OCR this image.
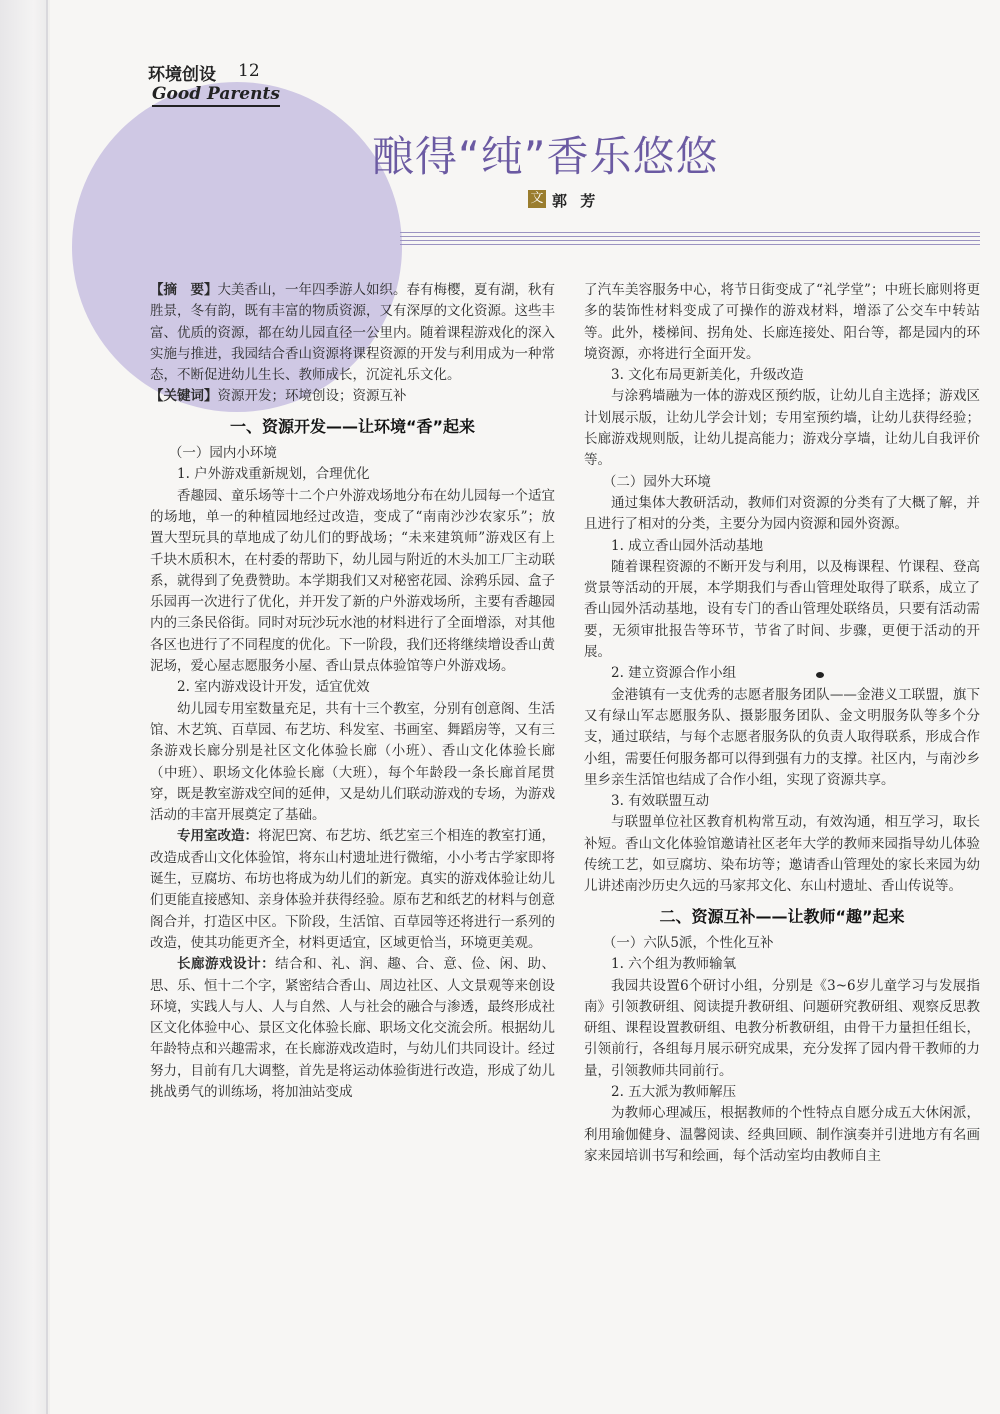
环境创设 12
Good Parents
酿得“纯”香乐悠悠
文 郭 芳

【摘　要】大美香山，一年四季游人如织。春有梅樱，夏有湖，秋有胜景，冬有韵，既有丰富的物质资源，又有深厚的文化资源。这些丰富、优质的资源，都在幼儿园直径一公里内。随着课程游戏化的深入实施与推进，我园结合香山资源将课程资源的开发与利用成为一种常态，不断促进幼儿生长、教师成长，沉淀礼乐文化。

【关键词】资源开发；环境创设；资源互补

一、资源开发——让环境“香”起来

（一）园内小环境

1. 户外游戏重新规划，合理优化

香趣园、童乐场等十二个户外游戏场地分布在幼儿园每一个适宜的场地，单一的种植园地经过改造，变成了“南南沙沙农家乐”；放置大型玩具的草地成了幼儿们的野战场；“未来建筑师”游戏区有上千块木质积木，在村委的帮助下，幼儿园与附近的木头加工厂主动联系，就得到了免费赞助。本学期我们又对秘密花园、涂鸦乐园、盒子乐园再一次进行了优化，并开发了新的户外游戏场所，主要有香趣园内的三条民俗街。同时对玩沙玩水池的材料进行了全面增添，对其他各区也进行了不同程度的优化。下一阶段，我们还将继续增设香山黄泥场，爱心屋志愿服务小屋、香山景点体验馆等户外游戏场。

2. 室内游戏设计开发，适宜优效

幼儿园专用室数量充足，共有十三个教室，分别有创意阁、生活馆、木艺筑、百草园、布艺坊、科发室、书画室、舞蹈房等，又有三条游戏长廊分别是社区文化体验长廊（小班）、香山文化体验长廊（中班）、职场文化体验长廊（大班），每个年龄段一条长廊首尾贯穿，既是教室游戏空间的延伸，又是幼儿们联动游戏的专场，为游戏活动的丰富开展奠定了基础。

专用室改造：将泥巴窝、布艺坊、纸艺室三个相连的教室打通，改造成香山文化体验馆，将东山村遗址进行微缩，小小考古学家即将诞生，豆腐坊、布坊也将成为幼儿们的新宠。真实的游戏体验让幼儿们更能直接感知、亲身体验并获得经验。原布艺和纸艺的材料与创意阁合并，打造区中区。下阶段，生活馆、百草园等还将进行一系列的改造，使其功能更齐全，材料更适宜，区域更恰当，环境更美观。

长廊游戏设计：结合和、礼、润、趣、合、意、俭、闲、助、思、乐、恒十二个字，紧密结合香山、周边社区、人文景观等来创设环境，实践人与人、人与自然、人与社会的融合与渗透，最终形成社区文化体验中心、景区文化体验长廊、职场文化交流会所。根据幼儿年龄特点和兴趣需求，在长廊游戏改造时，与幼儿们共同设计。经过努力，目前有几大调整，首先是将运动体验街进行改造，形成了幼儿挑战勇气的训练场，将加油站变成

了汽车美容服务中心，将节日街变成了“礼学堂”；中班长廊则将更多的装饰性材料变成了可操作的游戏材料，增添了公交车中转站等。此外，楼梯间、拐角处、长廊连接处、阳台等，都是园内的环境资源，亦将进行全面开发。

3. 文化布局更新美化，升级改造

与涂鸦墙融为一体的游戏区预约版，让幼儿自主选择；游戏区计划展示版，让幼儿学会计划；专用室预约墙，让幼儿获得经验；长廊游戏规则版，让幼儿提高能力；游戏分享墙，让幼儿自我评价等。

（二）园外大环境

通过集体大教研活动，教师们对资源的分类有了大概了解，并且进行了相对的分类，主要分为园内资源和园外资源。

1. 成立香山园外活动基地

随着课程资源的不断开发与利用，以及梅课程、竹课程、登高赏景等活动的开展，本学期我们与香山管理处取得了联系，成立了香山园外活动基地，设有专门的香山管理处联络员，只要有活动需要，无须审批报告等环节，节省了时间、步骤，更便于活动的开展。

2. 建立资源合作小组

金港镇有一支优秀的志愿者服务团队——金港义工联盟，旗下又有绿山军志愿服务队、摄影服务团队、金文明服务队等多个分支，通过联结，与每个志愿者服务队的负责人取得联系，形成合作小组，需要任何服务都可以得到强有力的支撑。社区内，与南沙乡里乡亲生活馆也结成了合作小组，实现了资源共享。

3. 有效联盟互动

与联盟单位社区教育机构常互动，有效沟通，相互学习，取长补短。香山文化体验馆邀请社区老年大学的教师来园指导幼儿体验传统工艺，如豆腐坊、染布坊等；邀请香山管理处的家长来园为幼儿讲述南沙历史久远的马家邦文化、东山村遗址、香山传说等。

二、资源互补——让教师“趣”起来

（一）六队5派，个性化互补

1. 六个组为教师输氧

我园共设置6个研讨小组，分别是《3~6岁儿童学习与发展指南》引领教研组、阅读提升教研组、问题研究教研组、观察反思教研组、课程设置教研组、电教分析教研组，由骨干力量担任组长，引领前行，各组每月展示研究成果，充分发挥了园内骨干教师的力量，引领教师共同前行。

2. 五大派为教师解压

为教师心理减压，根据教师的个性特点自愿分成五大休闲派，利用瑜伽健身、温馨阅读、经典回顾、制作演奏并引进地方有名画家来园培训书写和绘画，每个活动室均由教师自主
